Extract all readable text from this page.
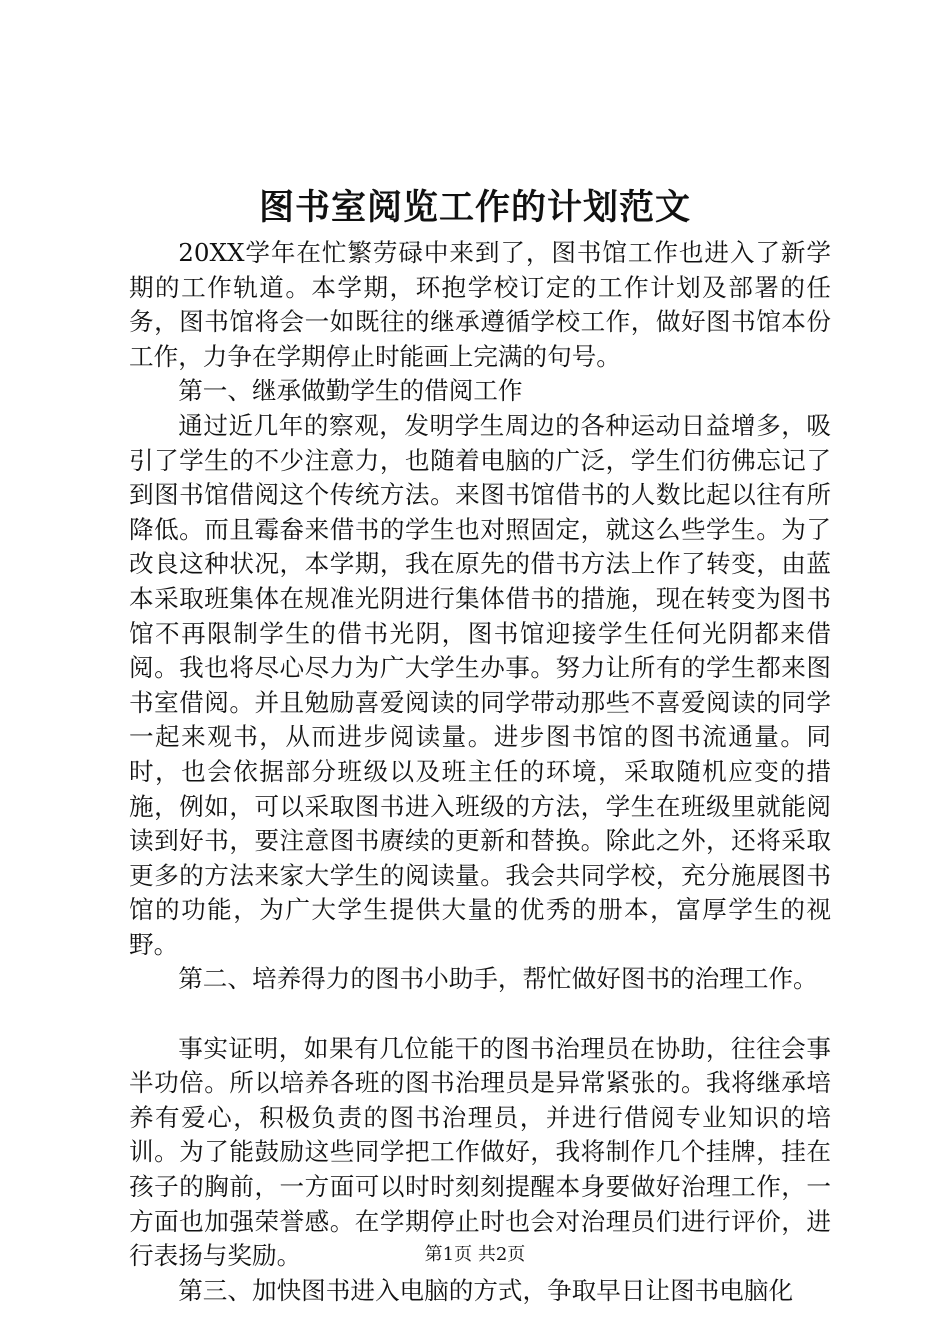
图书室阅览工作的计划范文

20XX学年在忙繁劳碌中来到了，图书馆工作也进入了新学期的工作轨道。本学期，环抱学校订定的工作计划及部署的任务，图书馆将会一如既往的继承遵循学校工作，做好图书馆本份工作，力争在学期停止时能画上完满的句号。

第一、继承做勤学生的借阅工作

通过近几年的察观，发明学生周边的各种运动日益增多，吸引了学生的不少注意力，也随着电脑的广泛，学生们彷佛忘记了到图书馆借阅这个传统方法。来图书馆借书的人数比起以往有所降低。而且霉畚来借书的学生也对照固定，就这么些学生。为了改良这种状况，本学期，我在原先的借书方法上作了转变，由蓝本采取班集体在规准光阴进行集体借书的措施，现在转变为图书馆不再限制学生的借书光阴，图书馆迎接学生任何光阴都来借阅。我也将尽心尽力为广大学生办事。努力让所有的学生都来图书室借阅。并且勉励喜爱阅读的同学带动那些不喜爱阅读的同学一起来观书，从而进步阅读量。进步图书馆的图书流通量。同时，也会依据部分班级以及班主任的环境，采取随机应变的措施，例如，可以采取图书进入班级的方法，学生在班级里就能阅读到好书，要注意图书赓续的更新和替换。除此之外，还将采取更多的方法来家大学生的阅读量。我会共同学校，充分施展图书馆的功能，为广大学生提供大量的优秀的册本，富厚学生的视野。

第二、培养得力的图书小助手，帮忙做好图书的治理工作。

事实证明，如果有几位能干的图书治理员在协助，往往会事半功倍。所以培养各班的图书治理员是异常紧张的。我将继承培养有爱心，积极负责的图书治理员，并进行借阅专业知识的培训。为了能鼓励这些同学把工作做好，我将制作几个挂牌，挂在孩子的胸前，一方面可以时时刻刻提醒本身要做好治理工作，一方面也加强荣誉感。在学期停止时也会对治理员们进行评价，进行表扬与奖励。

第三、加快图书进入电脑的方式，争取早日让图书电脑化

第1页 共2页
